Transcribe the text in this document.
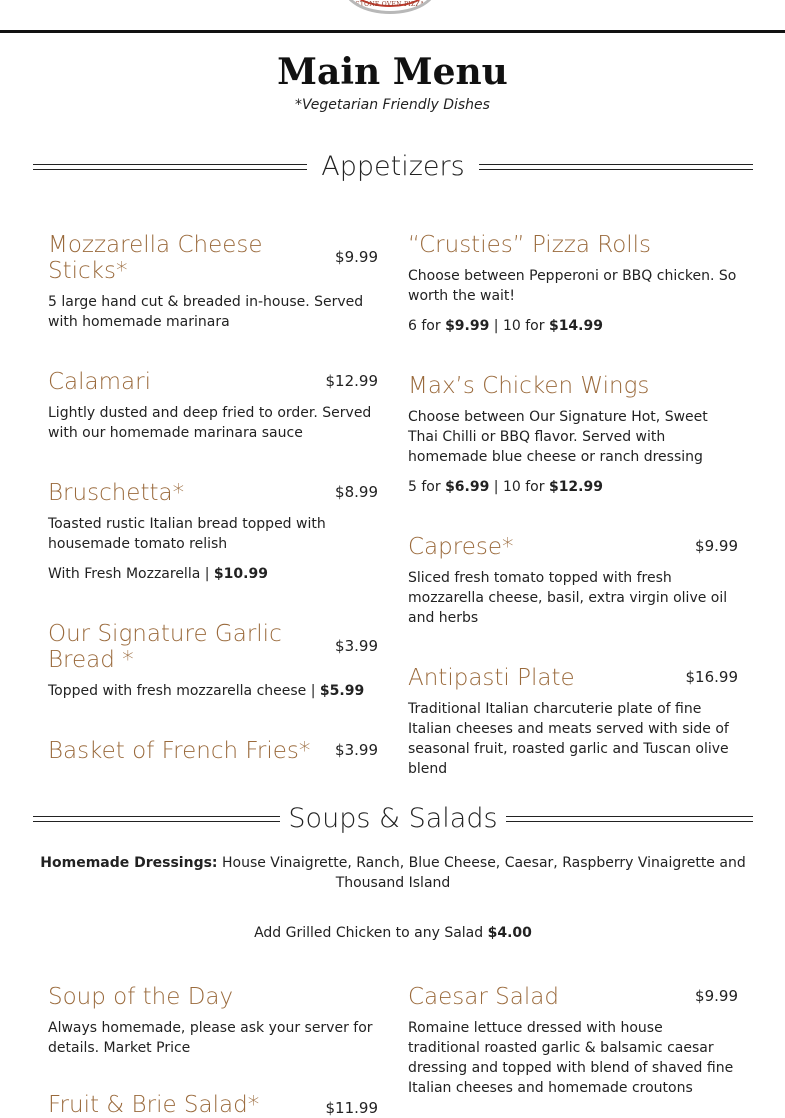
STONE OVEN PIZZA
Main Menu
*Vegetarian Friendly Dishes
Appetizers
$9.99
Mozzarella Cheese Sticks*
5 large hand cut & breaded in-house. Served with homemade marinara
$12.99
Calamari
Lightly dusted and deep fried to order. Served with our homemade marinara sauce
$8.99
Bruschetta*
Toasted rustic Italian bread topped with housemade tomato relish
With Fresh Mozzarella | $10.99
$3.99
Our Signature Garlic Bread *
Topped with fresh mozzarella cheese | $5.99
$3.99
Basket of French Fries*
“Crusties” Pizza Rolls
Choose between Pepperoni or BBQ chicken. So worth the wait!
6 for $9.99 | 10 for $14.99
Max’s Chicken Wings
Choose between Our Signature Hot, Sweet Thai Chilli or BBQ flavor. Served with homemade blue cheese or ranch dressing
5 for $6.99 | 10 for $12.99
$9.99
Caprese*
Sliced fresh tomato topped with fresh mozzarella cheese, basil, extra virgin olive oil and herbs
$16.99
Antipasti Plate
Traditional Italian charcuterie plate of fine Italian cheeses and meats served with side of seasonal fruit, roasted garlic and Tuscan olive blend
Soups & Salads
Homemade Dressings: House Vinaigrette, Ranch, Blue Cheese, Caesar, Raspberry Vinaigrette and Thousand Island
Add Grilled Chicken to any Salad $4.00
Soup of the Day
Always homemade, please ask your server for details. Market Price
$9.99
Caesar Salad
Romaine lettuce dressed with house traditional roasted garlic & balsamic caesar dressing and topped with blend of shaved fine Italian cheeses and homemade croutons
$11.99
Fruit & Brie Salad*
